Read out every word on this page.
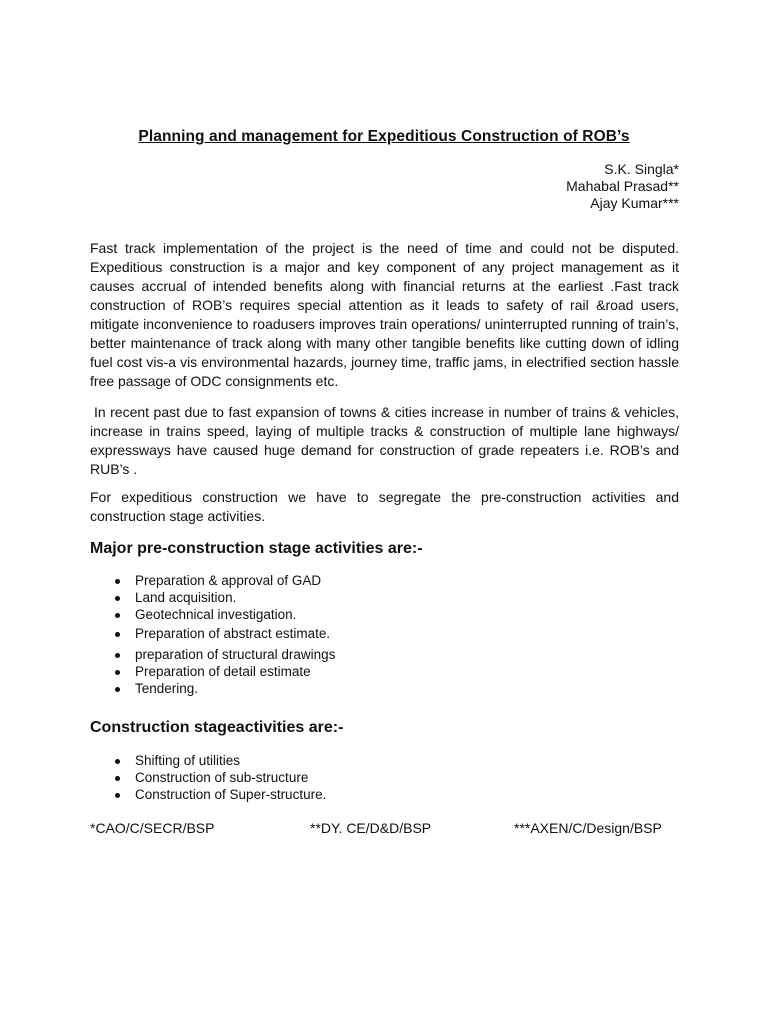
Planning and management for Expeditious Construction of ROB’s
S.K. Singla*
Mahabal Prasad**
Ajay Kumar***

Fast track implementation of the project is the need of time and could not be disputed. Expeditious construction is a major and key component of any project management as it causes accrual of intended benefits along with financial returns at the earliest .Fast track construction of ROB’s requires special attention as it leads to safety of rail &road users, mitigate inconvenience to roadusers improves train operations/ uninterrupted running of train’s, better maintenance of track along with many other tangible benefits like cutting down of idling fuel cost vis-a vis environmental hazards, journey time, traffic jams, in electrified section hassle free passage of ODC consignments etc.

In recent past due to fast expansion of towns & cities increase in number of trains & vehicles, increase in trains speed, laying of multiple tracks & construction of multiple lane highways/ expressways have caused huge demand for construction of grade repeaters i.e. ROB’s and RUB’s .

For expeditious construction we have to segregate the pre-construction activities and construction stage activities.

Major pre-construction stage activities are:-
Preparation & approval of GAD
Land acquisition.
Geotechnical investigation.
Preparation of abstract estimate.
preparation of structural drawings
Preparation of detail estimate
Tendering.
Construction stageactivities are:-
Shifting of utilities
Construction of sub-structure
Construction of Super-structure.
*CAO/C/SECR/BSP	**DY. CE/D&D/BSP	***AXEN/C/Design/BSP
